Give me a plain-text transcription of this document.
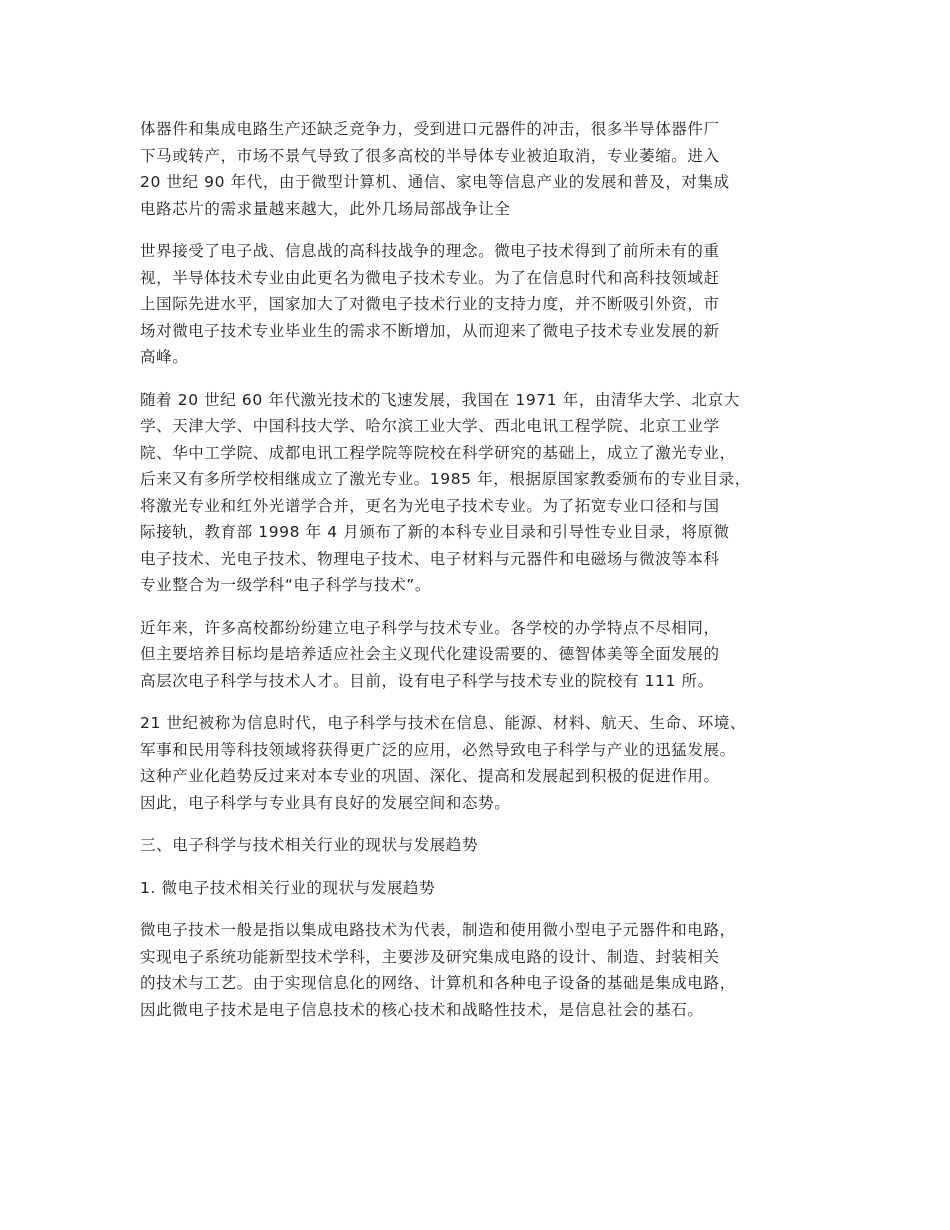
体器件和集成电路生产还缺乏竞争力，受到进口元器件的冲击，很多半导体器件厂
下马或转产，市场不景气导致了很多高校的半导体专业被迫取消，专业萎缩。进入
20 世纪 90 年代，由于微型计算机、通信、家电等信息产业的发展和普及，对集成
电路芯片的需求量越来越大，此外几场局部战争让全
世界接受了电子战、信息战的高科技战争的理念。微电子技术得到了前所未有的重
视，半导体技术专业由此更名为微电子技术专业。为了在信息时代和高科技领域赶
上国际先进水平，国家加大了对微电子技术行业的支持力度，并不断吸引外资，市
场对微电子技术专业毕业生的需求不断增加，从而迎来了微电子技术专业发展的新
高峰。
随着 20 世纪 60 年代激光技术的飞速发展，我国在 1971 年，由清华大学、北京大
学、天津大学、中国科技大学、哈尔滨工业大学、西北电讯工程学院、北京工业学
院、华中工学院、成都电讯工程学院等院校在科学研究的基础上，成立了激光专业，
后来又有多所学校相继成立了激光专业。1985 年，根据原国家教委颁布的专业目录，
将激光专业和红外光谱学合并，更名为光电子技术专业。为了拓宽专业口径和与国
际接轨，教育部 1998 年 4 月颁布了新的本科专业目录和引导性专业目录，将原微
电子技术、光电子技术、物理电子技术、电子材料与元器件和电磁场与微波等本科
专业整合为一级学科“电子科学与技术”。
近年来，许多高校都纷纷建立电子科学与技术专业。各学校的办学特点不尽相同，
但主要培养目标均是培养适应社会主义现代化建设需要的、德智体美等全面发展的
高层次电子科学与技术人才。目前，设有电子科学与技术专业的院校有 111 所。
21 世纪被称为信息时代，电子科学与技术在信息、能源、材料、航天、生命、环境、
军事和民用等科技领域将获得更广泛的应用，必然导致电子科学与产业的迅猛发展。
这种产业化趋势反过来对本专业的巩固、深化、提高和发展起到积极的促进作用。
因此，电子科学与专业具有良好的发展空间和态势。
三、电子科学与技术相关行业的现状与发展趋势
1. 微电子技术相关行业的现状与发展趋势
微电子技术一般是指以集成电路技术为代表，制造和使用微小型电子元器件和电路，
实现电子系统功能新型技术学科，主要涉及研究集成电路的设计、制造、封装相关
的技术与工艺。由于实现信息化的网络、计算机和各种电子设备的基础是集成电路，
因此微电子技术是电子信息技术的核心技术和战略性技术，是信息社会的基石。
